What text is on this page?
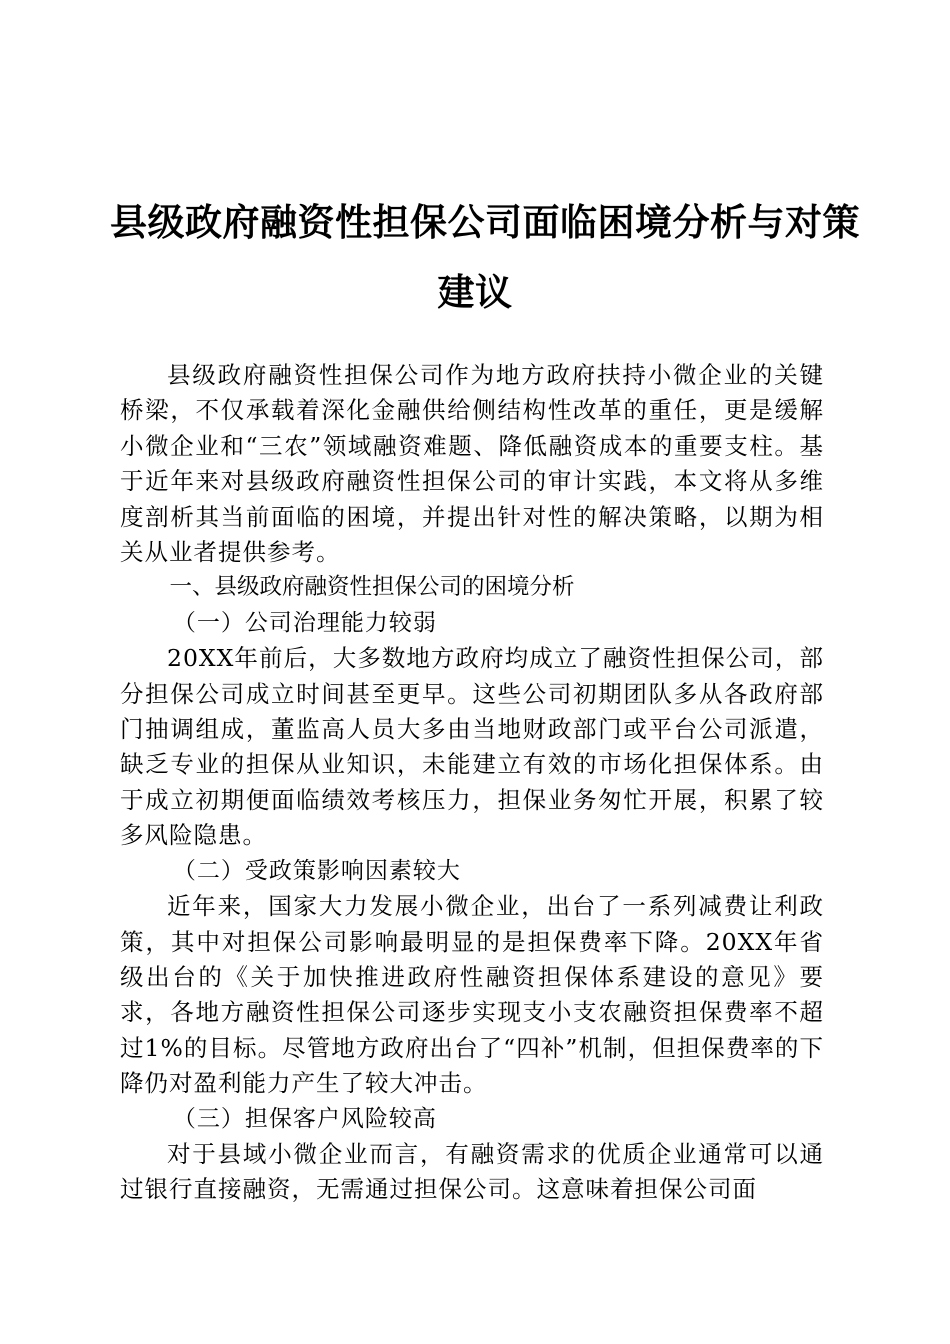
县级政府融资性担保公司面临困境分析与对策
建议

县级政府融资性担保公司作为地方政府扶持小微企业的关键桥梁，不仅承载着深化金融供给侧结构性改革的重任，更是缓解小微企业和“三农”领域融资难题、降低融资成本的重要支柱。基于近年来对县级政府融资性担保公司的审计实践，本文将从多维度剖析其当前面临的困境，并提出针对性的解决策略，以期为相关从业者提供参考。

一、县级政府融资性担保公司的困境分析

（一）公司治理能力较弱

20XX年前后，大多数地方政府均成立了融资性担保公司，部分担保公司成立时间甚至更早。这些公司初期团队多从各政府部门抽调组成，董监高人员大多由当地财政部门或平台公司派遣，缺乏专业的担保从业知识，未能建立有效的市场化担保体系。由于成立初期便面临绩效考核压力，担保业务匆忙开展，积累了较多风险隐患。

（二）受政策影响因素较大

近年来，国家大力发展小微企业，出台了一系列减费让利政策，其中对担保公司影响最明显的是担保费率下降。20XX年省级出台的《关于加快推进政府性融资担保体系建设的意见》要求，各地方融资性担保公司逐步实现支小支农融资担保费率不超过1%的目标。尽管地方政府出台了“四补”机制，但担保费率的下降仍对盈利能力产生了较大冲击。

（三）担保客户风险较高

对于县域小微企业而言，有融资需求的优质企业通常可以通过银行直接融资，无需通过担保公司。这意味着担保公司面
